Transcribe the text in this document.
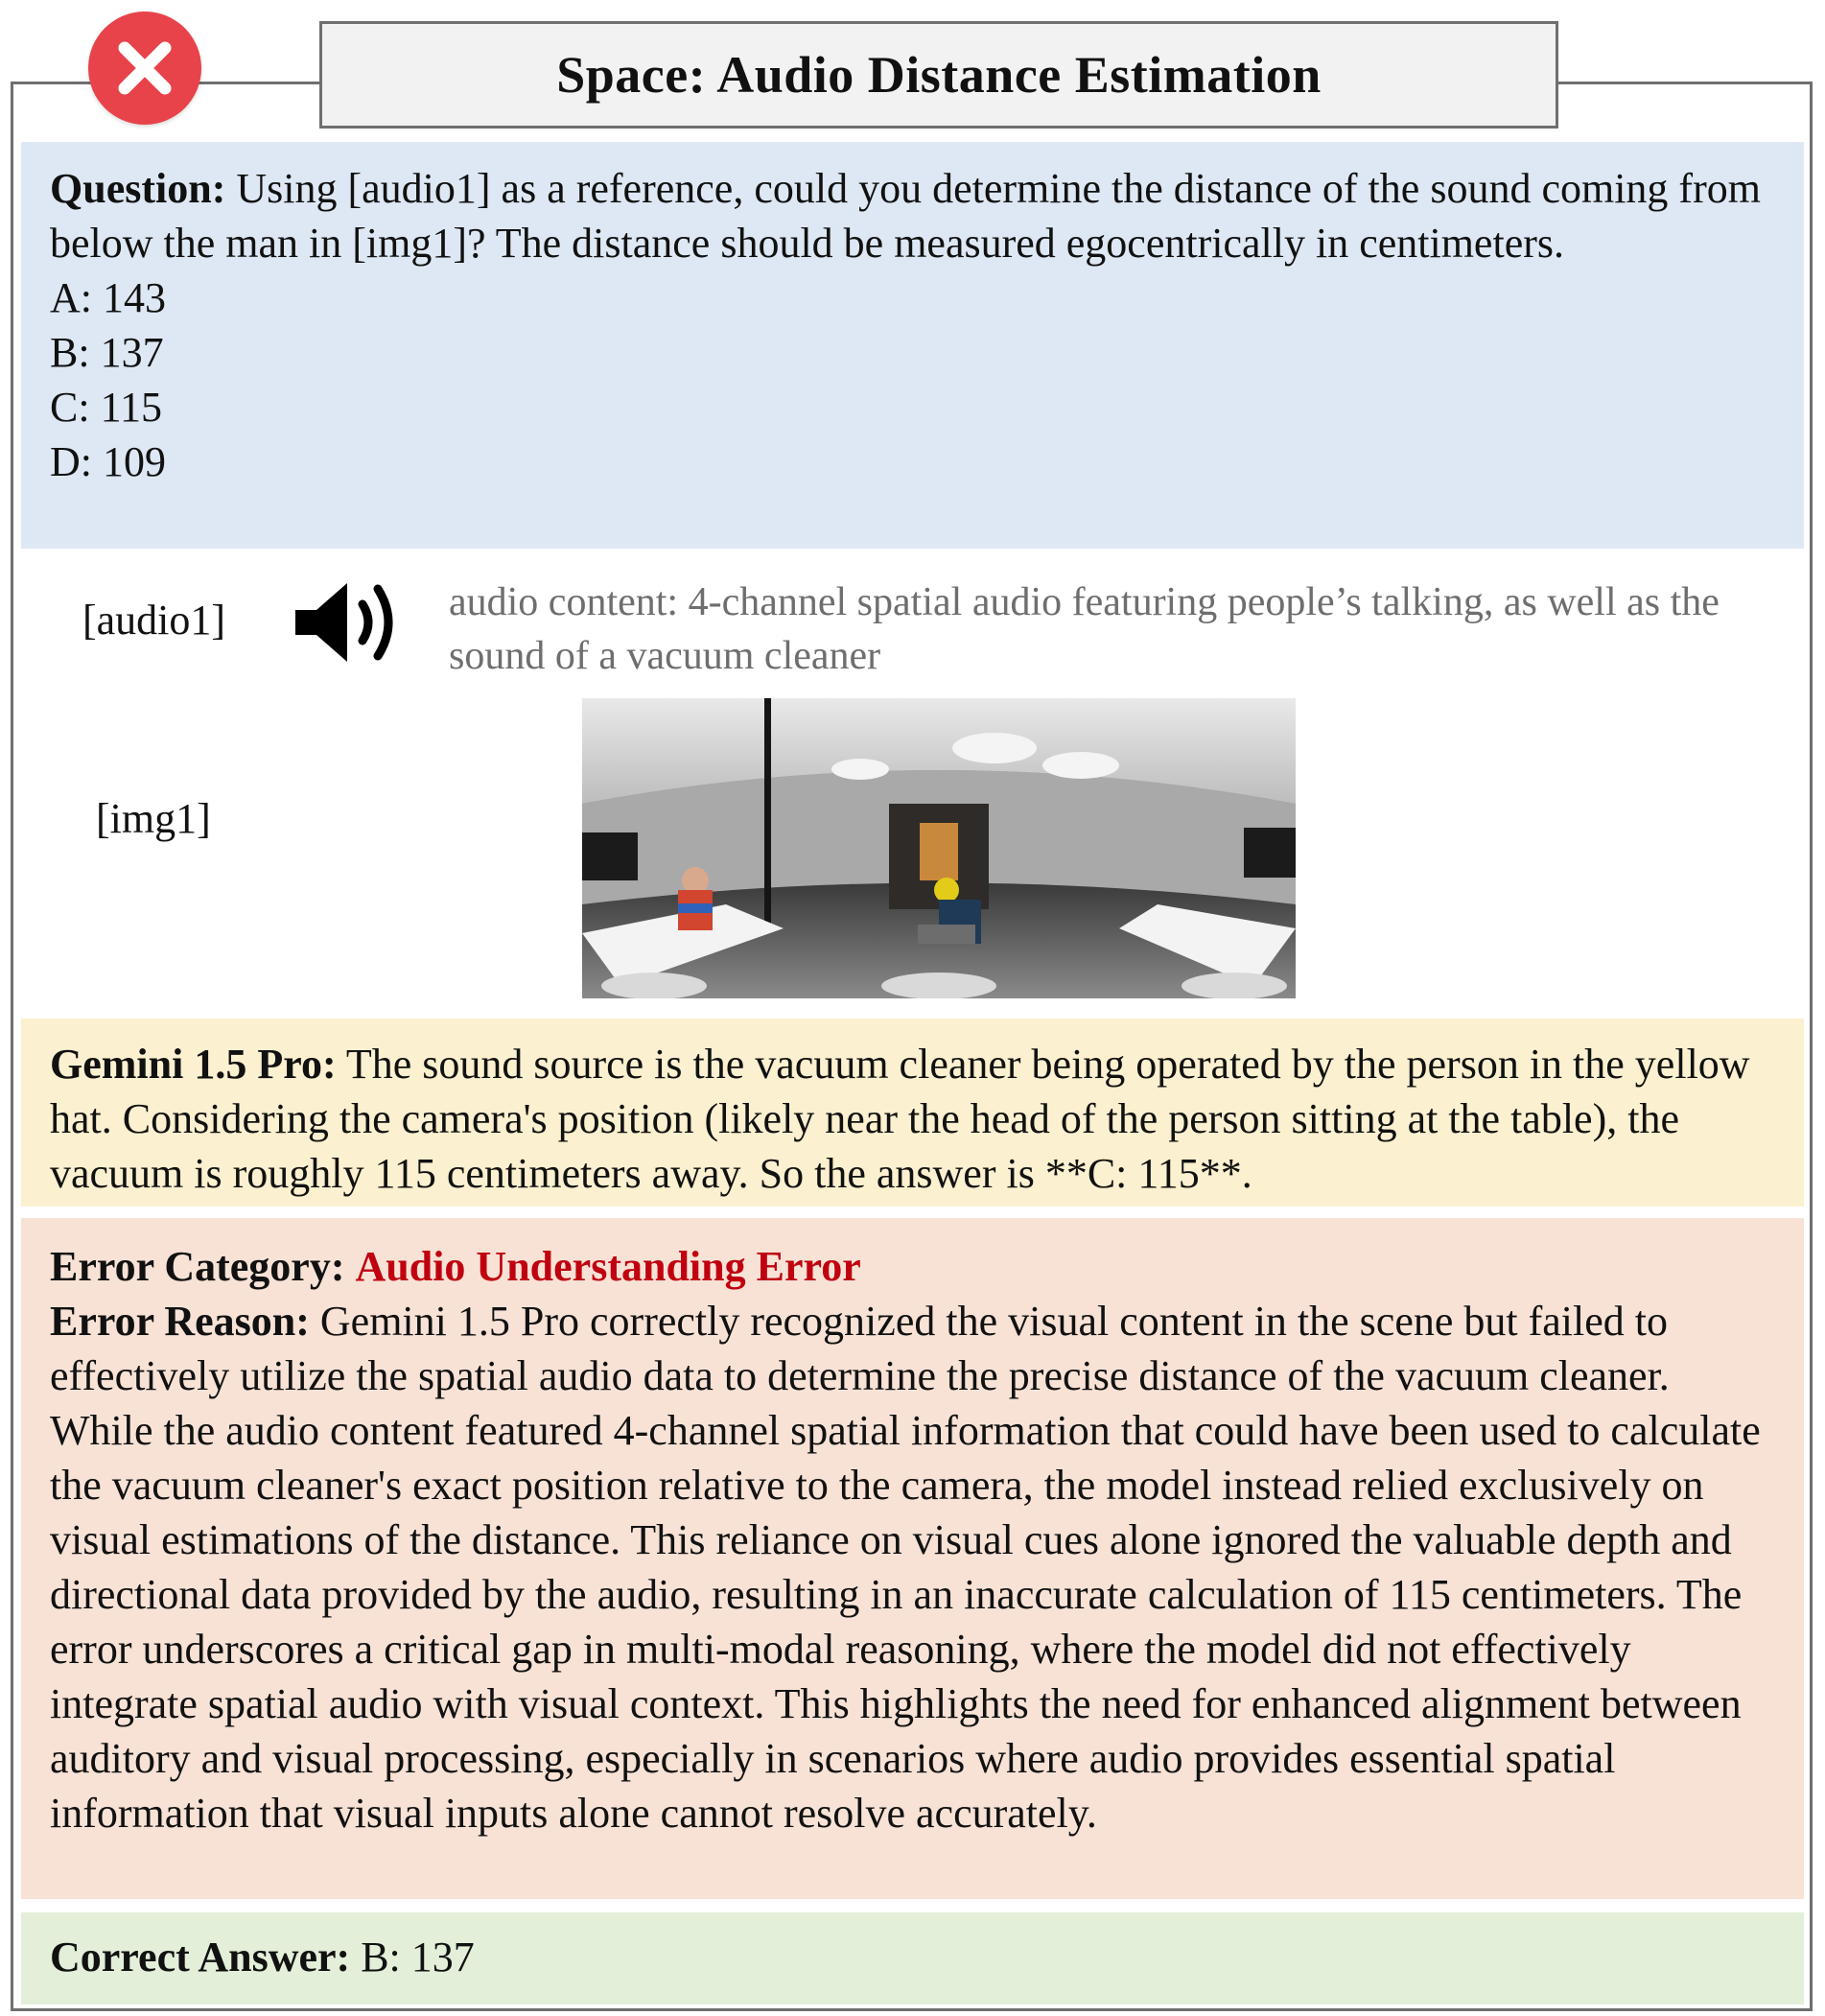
Space: Audio Distance Estimation
Question: Using [audio1] as a reference, could you determine the distance of the sound coming from below the man in [img1]? The distance should be measured egocentrically in centimeters.
A: 143
B: 137
C: 115
D: 109
[audio1]	audio content: 4-channel spatial audio featuring people’s talking, as well as the sound of a vacuum cleaner
[img1]
Gemini 1.5 Pro: The sound source is the vacuum cleaner being operated by the person in the yellow hat. Considering the camera's position (likely near the head of the person sitting at the table), the vacuum is roughly 115 centimeters away. So the answer is **C: 115**.
Error Category: Audio Understanding Error
Error Reason: Gemini 1.5 Pro correctly recognized the visual content in the scene but failed to effectively utilize the spatial audio data to determine the precise distance of the vacuum cleaner. While the audio content featured 4-channel spatial information that could have been used to calculate the vacuum cleaner's exact position relative to the camera, the model instead relied exclusively on visual estimations of the distance. This reliance on visual cues alone ignored the valuable depth and directional data provided by the audio, resulting in an inaccurate calculation of 115 centimeters. The error underscores a critical gap in multi-modal reasoning, where the model did not effectively integrate spatial audio with visual context. This highlights the need for enhanced alignment between auditory and visual processing, especially in scenarios where audio provides essential spatial information that visual inputs alone cannot resolve accurately.
Correct Answer: B: 137
